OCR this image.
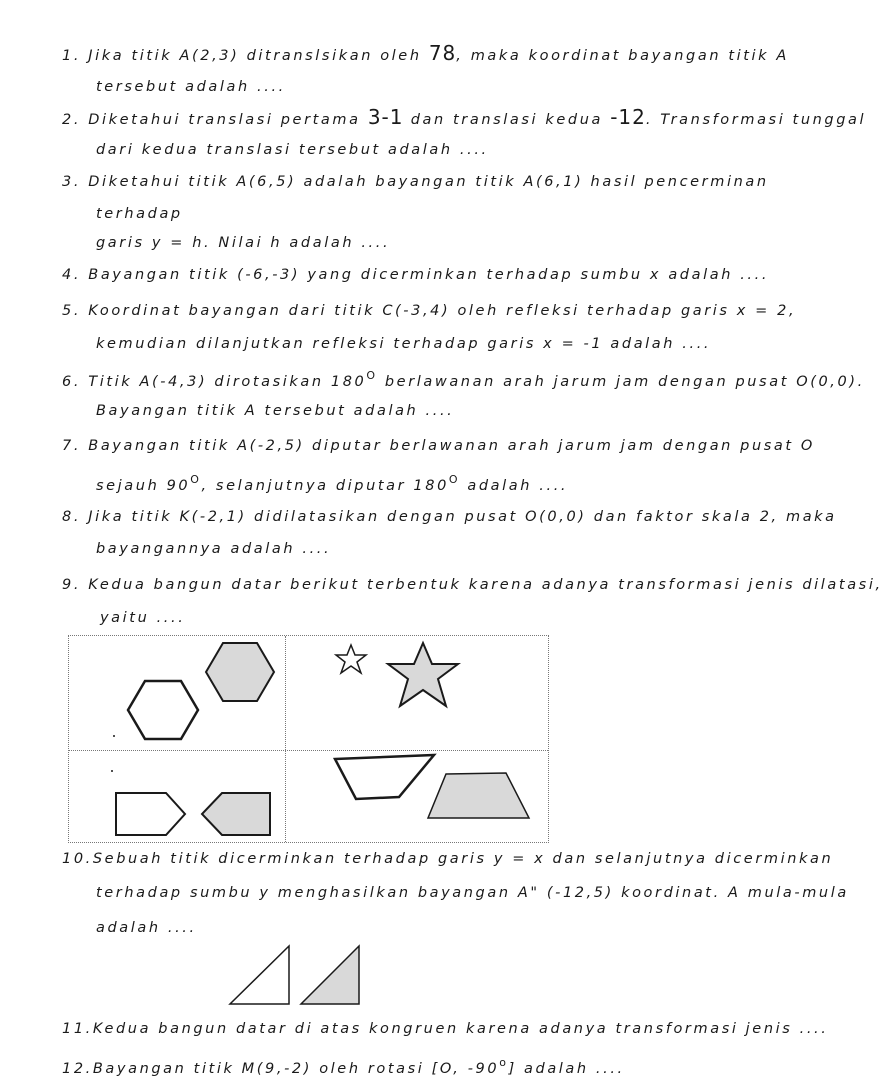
1. Jika titik A(2,3) ditranslsikan oleh 78, maka koordinat bayangan titik A
tersebut adalah ....
2. Diketahui translasi pertama 3-1 dan translasi kedua -12. Transformasi tunggal
dari kedua translasi tersebut adalah ....
3. Diketahui titik A(6,5) adalah bayangan titik A(6,1) hasil pencerminan
terhadap
garis y = h. Nilai h adalah ....
4. Bayangan titik (-6,-3) yang dicerminkan terhadap sumbu x adalah ....
5. Koordinat bayangan dari titik C(-3,4) oleh refleksi terhadap garis x = 2,
kemudian dilanjutkan refleksi terhadap garis x = -1 adalah ....
6. Titik A(-4,3) dirotasikan $180^O$ berlawanan arah jarum jam dengan pusat O(0,0).
Bayangan titik A tersebut adalah ....
7. Bayangan titik A(-2,5) diputar berlawanan arah jarum jam dengan pusat O
sejauh $90^O$, selanjutnya diputar $180^O$ adalah ....
8. Jika titik K(-2,1) didilatasikan dengan pusat O(0,0) dan faktor skala 2, maka
bayangannya adalah ....
9. Kedua bangun datar berikut terbentuk karena adanya transformasi jenis dilatasi,
yaitu ....
10.Sebuah titik dicerminkan terhadap garis y = x dan selanjutnya dicerminkan
terhadap sumbu y menghasilkan bayangan A" (-12,5) koordinat. A mula-mula
adalah ....
11.Kedua bangun datar di atas kongruen karena adanya transformasi jenis ....
12.Bayangan titik M(9,-2) oleh rotasi [O, -90$^o$] adalah ....
